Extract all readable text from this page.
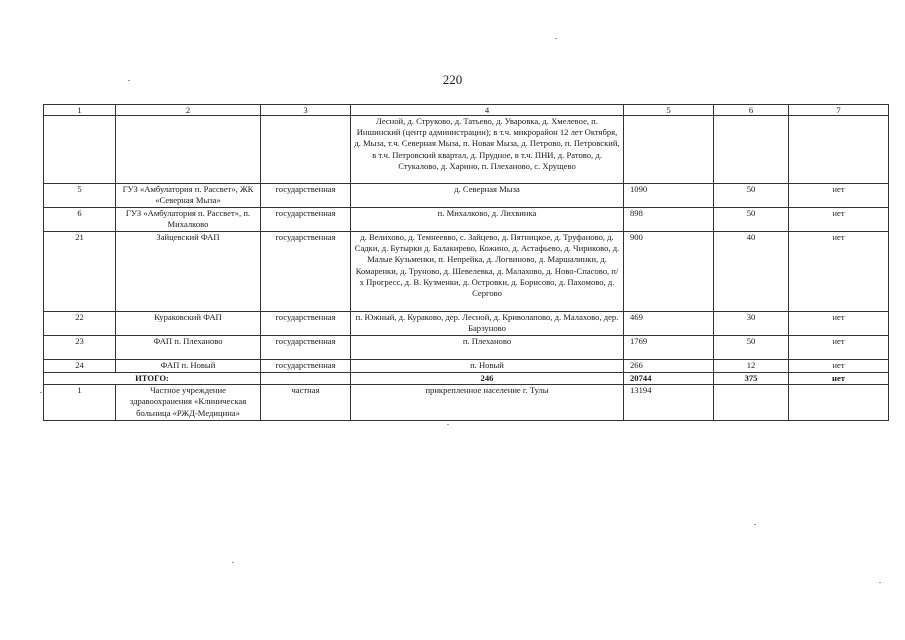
220
1	2	3	4	5	6	7
			Лесной, д. Струково, д. Татьево, д. Уваровка, д. Хмелевое, п. Иншинский (центр администрации); в т.ч. микрорайон 12 лет Октября, д. Мыза, т.ч. Северная Мыза, п. Новая Мыза, д. Петрово, п. Петровский, в т.ч. Петровский квартал, д. Прудное, в т.ч. ПНИ, д. Ратово, д. Стукалово, д. Харино, п. Плеханово, с. Хрущево			
5	ГУЗ «Амбулатория п. Рассвет», ЖК «Северная Мыза»	государственная	д. Северная Мыза	1090	50	нет
6	ГУЗ «Амбулатория п. Рассвет», п. Михалково	государственная	п. Михалково, д. Лихвинка	898	50	нет
21	Зайцевский ФАП	государственная	д. Велихово, д. Темнеевво, с. Зайцево, д. Пятницкое, д. Труфаново, д. Садки, д. Бутырки д. Балакирево, Кожино, д. Астафьево, д. Чириково, д. Малые Кузьменки, п. Непрейка, д. Логвиново, д. Маршалинки, д. Комаренки, д. Труново, д. Шевелевка, д. Малахово, д. Ново-Спасово, п/х Прогресс, д. В. Кузменки, д. Островки, д. Борисово, д. Пахомово, д. Сергово	900	40	нет
22	Кураковский ФАП	государственная	п. Южный, д. Кураково, дер. Лесной, д. Криволапово, д. Малахово, дер. Барзуново	469	30	нет
23	ФАП п. Плеханово	государственная	п. Плеханово	1769	50	нет
24	ФАП п. Новый	государственная	п. Новый	266	12	нет
ИТОГО:			246	20744	375	нет
1	Частное учреждение здравоохранения «Клиническая больница «РЖД-Медицина»	частная	прикрепленное население г. Тулы	13194		
